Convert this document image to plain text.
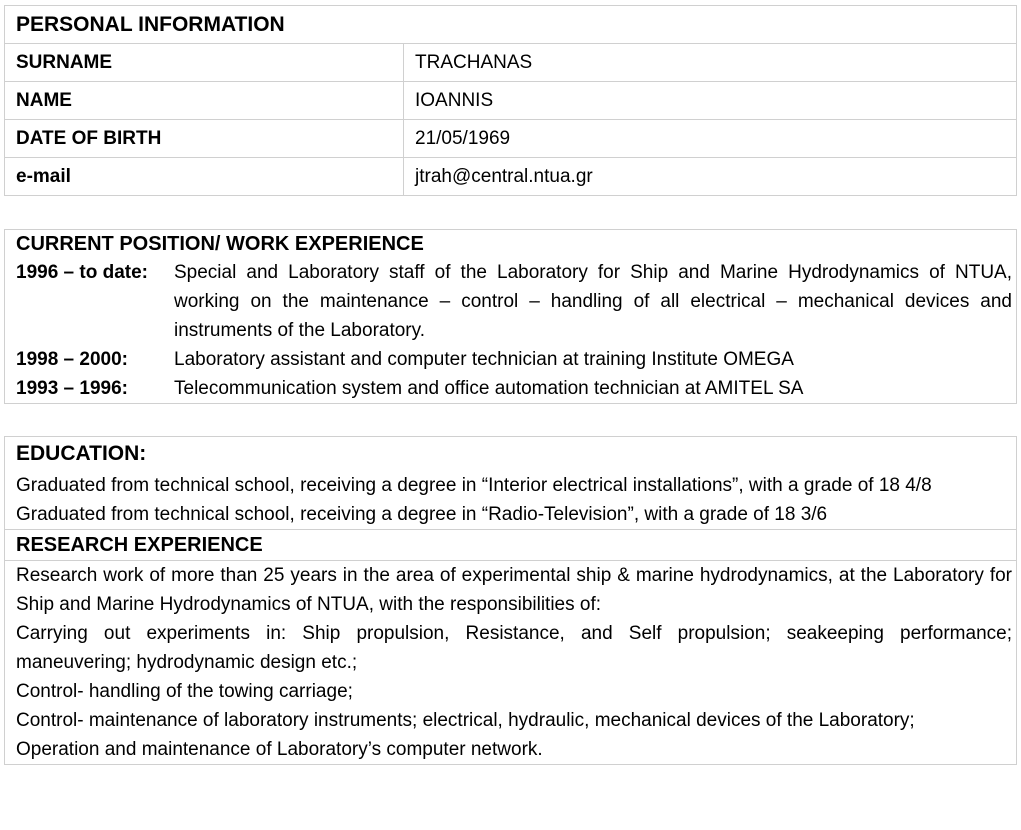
PERSONAL INFORMATION	
SURNAME	TRACHANAS
NAME	IOANNIS
DATE OF BIRTH	21/05/1969
e-mail	jtrah@central.ntua.gr
CURRENT POSITION/ WORK EXPERIENCE
1996 – to date:	Special and Laboratory staff of the Laboratory for Ship and Marine Hydrodynamics of NTUA, working on the maintenance – control – handling of all electrical – mechanical devices and instruments of the Laboratory.
1998 – 2000:	Laboratory assistant and computer technician at training Institute OMEGA
1993 – 1996:	Telecommunication system and office automation technician at AMITEL SA
EDUCATION:
Graduated from technical school, receiving a degree in “Interior electrical installations”, with a grade of 18 4/8
Graduated from technical school, receiving a degree in “Radio-Television”, with a grade of 18 3/6
RESEARCH EXPERIENCE
Research work of more than 25 years in the area of experimental ship & marine hydrodynamics, at the Laboratory for Ship and Marine Hydrodynamics of NTUA, with the responsibilities of:
Carrying out experiments in: Ship propulsion, Resistance, and Self propulsion; seakeeping performance; maneuvering; hydrodynamic design etc.;
Control- handling of the towing carriage;
Control- maintenance of laboratory instruments; electrical, hydraulic, mechanical devices of the Laboratory;
Operation and maintenance of Laboratory’s computer network.
